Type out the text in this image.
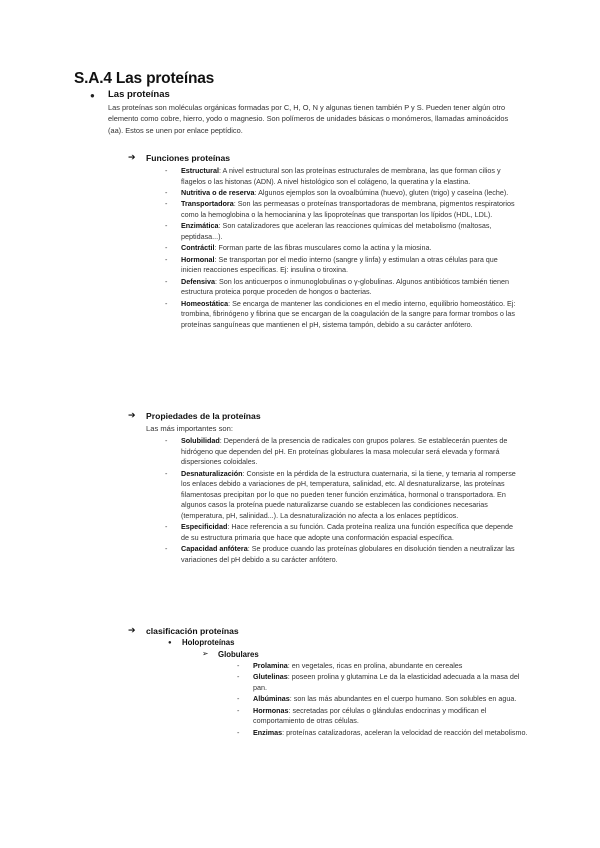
S.A.4 Las proteínas
● Las proteínas
Las proteínas son moléculas orgánicas formadas por C, H, O, N y algunas tienen también P y S. Pueden tener algún otro elemento como cobre, hierro, yodo o magnesio. Son polímeros de unidades básicas o monómeros, llamadas aminoácidos (aa). Estos se unen por enlace peptídico.
➔ Funciones proteínas
- Estructural: A nivel estructural son las proteínas estructurales de membrana, las que forman cilios y flagelos o las histonas (ADN). A nivel histológico son el colágeno, la queratina y la elastina.
- Nutritiva o de reserva: Algunos ejemplos son la ovoalbúmina (huevo), gluten (trigo) y caseína (leche).
- Transportadora: Son las permeasas o proteínas transportadoras de membrana, pigmentos respiratorios como la hemoglobina o la hemocianina y las lipoproteínas que transportan los lípidos (HDL, LDL).
- Enzimática: Son catalizadores que aceleran las reacciones químicas del metabolismo (maltosas, peptidasa...).
- Contráctil: Forman parte de las fibras musculares como la actina y la miosina.
- Hormonal: Se transportan por el medio interno (sangre y linfa) y estimulan a otras células para que inicien reacciones específicas. Ej: insulina o tiroxina.
- Defensiva: Son los anticuerpos o inmunoglobulinas o γ-globulinas. Algunos antibióticos también tienen estructura proteica porque proceden de hongos o bacterias.
- Homeostática: Se encarga de mantener las condiciones en el medio interno, equilibrio homeostático. Ej: trombina, fibrinógeno y fibrina que se encargan de la coagulación de la sangre para formar trombos o las proteínas sanguíneas que mantienen el pH, sistema tampón, debido a su carácter anfótero.
➔ Propiedades de la proteínas
Las más importantes son:
- Solubilidad: Dependerá de la presencia de radicales con grupos polares. Se establecerán puentes de hidrógeno que dependen del pH. En proteínas globulares la masa molecular será elevada y formará dispersiones coloidales.
- Desnaturalización: Consiste en la pérdida de la estructura cuaternaria, si la tiene, y ternaria al romperse los enlaces debido a variaciones de pH, temperatura, salinidad, etc. Al desnaturalizarse, las proteínas filamentosas precipitan por lo que no pueden tener función enzimática, hormonal o transportadora. En algunos casos la proteína puede naturalizarse cuando se establecen las condiciones necesarias (temperatura, pH, salinidad...). La desnaturalización no afecta a los enlaces peptídicos.
- Especificidad: Hace referencia a su función. Cada proteína realiza una función específica que depende de su estructura primaria que hace que adopte una conformación espacial específica.
- Capacidad anfótera: Se produce cuando las proteínas globulares en disolución tienden a neutralizar las variaciones del pH debido a su carácter anfótero.
➔ clasificación proteínas
● Holoproteínas
➢ Globulares
- Prolamina: en vegetales, ricas en prolina, abundante en cereales
- Glutelinas: poseen prolina y glutamina Le da la elasticidad adecuada a la masa del pan.
- Albúminas: son las más abundantes en el cuerpo humano. Son solubles en agua.
- Hormonas: secretadas por células o glándulas endocrinas y modifican el comportamiento de otras células.
- Enzimas: proteínas catalizadoras, aceleran la velocidad de reacción del metabolismo.
